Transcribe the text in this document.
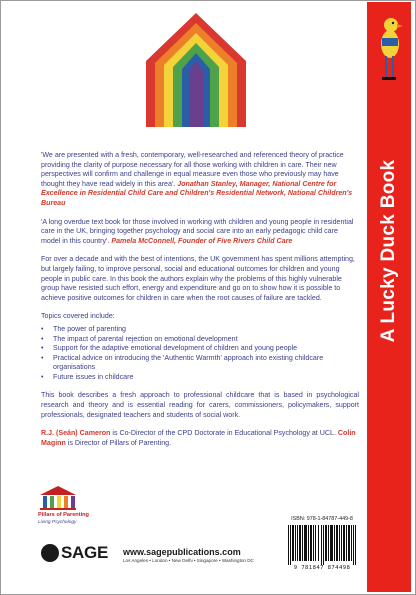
'We are presented with a fresh, contemporary, well-researched and referenced theory of practice providing the clarity of purpose necessary for all those working with children in care. Their new perspectives will confirm and challenge in equal measure even those who previously may have thought they have read widely in this area'. Jonathan Stanley, Manager, National Centre for Excellence in Residential Child Care and Children's Residential Network, National Children's Bureau

'A long overdue text book for those involved in working with children and young people in residential care in the UK, bringing together psychology and social care into an early pedagogic child care model in this country'. Pamela McConnell, Founder of Five Rivers Child Care

For over a decade and with the best of intentions, the UK government has spent millions attempting, but largely failing, to improve personal, social and educational outcomes for children and young people in public care. In this book the authors explain why the problems of this highly vulnerable group have resisted such effort, energy and expenditure and go on to show how it is possible to achieve positive outcomes for children in care when the root causes of failure are tackled.

Topics covered include:

• The power of parenting
• The impact of parental rejection on emotional development
• Support for the adaptive emotional development of children and young people
• Practical advice on introducing the 'Authentic Warmth' approach into existing childcare organisations
• Future issues in childcare

This book describes a fresh approach to professional childcare that is based in psychological research and theory and is essential reading for carers, commissioners, policymakers, support professionals, designated teachers and students of social work.

R.J. (Seán) Cameron is Co-Director of the CPD Doctorate in Educational Psychology at UCL. Colin Maginn is Director of Pillars of Parenting.

Pillars of Parenting
Living Psychology
SAGE www.sagepublications.com
Los Angeles • London • New Delhi • Singapore • Washington DC
ISBN: 978-1-84787-449-8
9 781847 874498
A Lucky Duck Book
